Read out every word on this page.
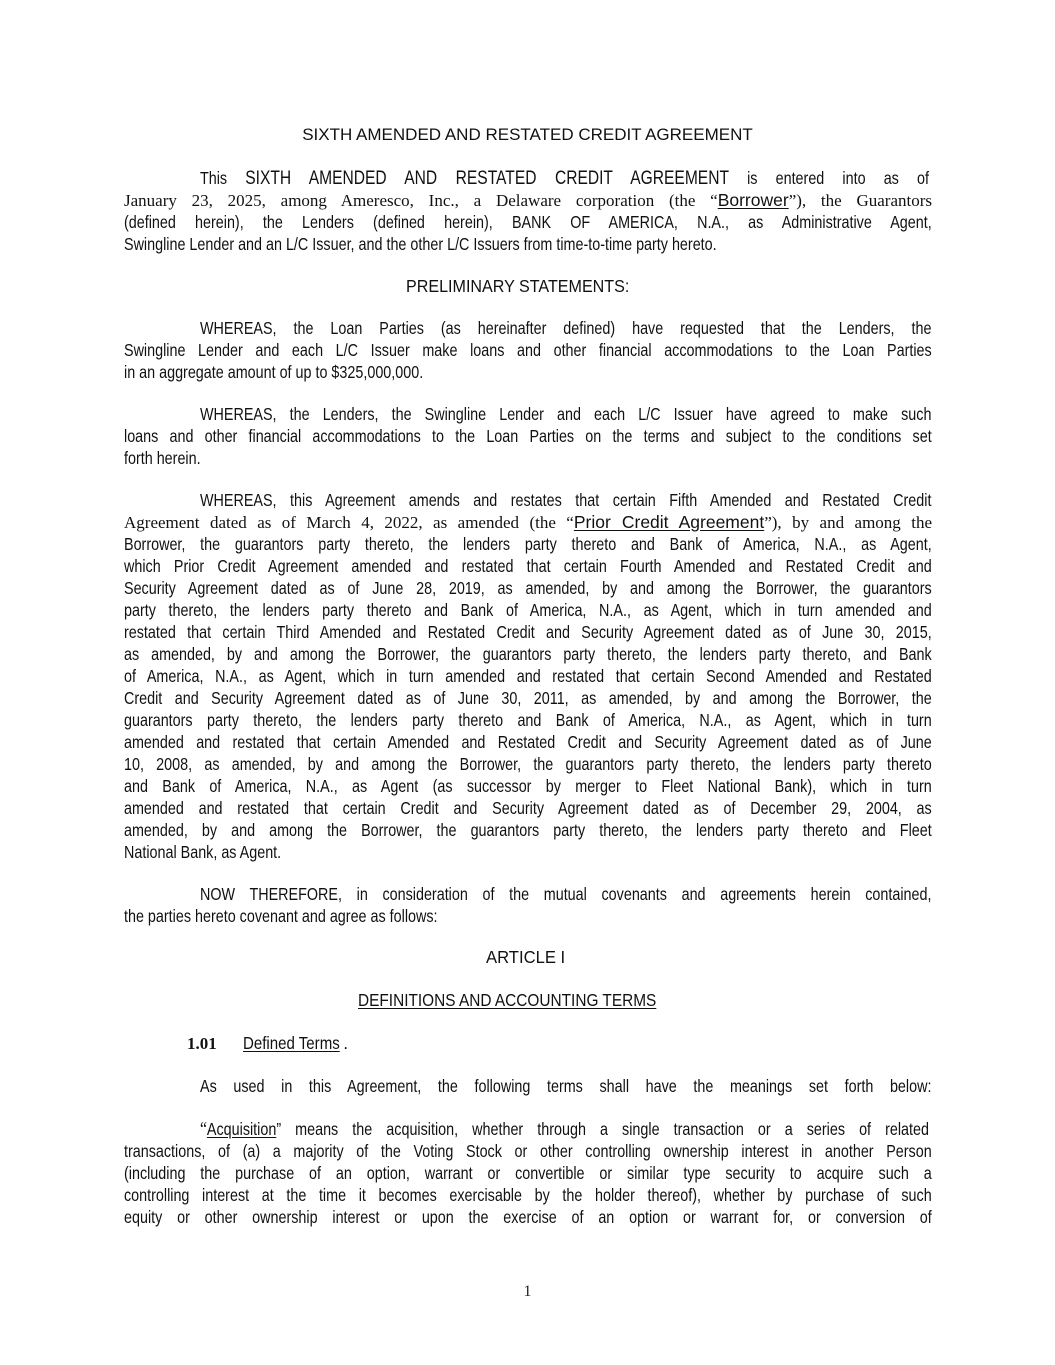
SIXTH AMENDED AND RESTATED CREDIT AGREEMENT
This SIXTH AMENDED AND RESTATED CREDIT AGREEMENT is entered into as of
January 23, 2025, among Ameresco, Inc., a Delaware corporation (the “Borrower”), the Guarantors
(defined herein), the Lenders (defined herein), BANK OF AMERICA, N.A., as Administrative Agent,
Swingline Lender and an L/C Issuer, and the other L/C Issuers from time-to-time party hereto.
PRELIMINARY STATEMENTS:
WHEREAS, the Loan Parties (as hereinafter defined) have requested that the Lenders, the
Swingline Lender and each L/C Issuer make loans and other financial accommodations to the Loan Parties
in an aggregate amount of up to $325,000,000.
WHEREAS, the Lenders, the Swingline Lender and each L/C Issuer have agreed to make such
loans and other financial accommodations to the Loan Parties on the terms and subject to the conditions set
forth herein.
WHEREAS, this Agreement amends and restates that certain Fifth Amended and Restated Credit
Agreement dated as of March 4, 2022, as amended (the “Prior Credit Agreement”), by and among the
Borrower, the guarantors party thereto, the lenders party thereto and Bank of America, N.A., as Agent,
which Prior Credit Agreement amended and restated that certain Fourth Amended and Restated Credit and
Security Agreement dated as of June 28, 2019, as amended, by and among the Borrower, the guarantors
party thereto, the lenders party thereto and Bank of America, N.A., as Agent, which in turn amended and
restated that certain Third Amended and Restated Credit and Security Agreement dated as of June 30, 2015,
as amended, by and among the Borrower, the guarantors party thereto, the lenders party thereto, and Bank
of America, N.A., as Agent, which in turn amended and restated that certain Second Amended and Restated
Credit and Security Agreement dated as of June 30, 2011, as amended, by and among the Borrower, the
guarantors party thereto, the lenders party thereto and Bank of America, N.A., as Agent, which in turn
amended and restated that certain Amended and Restated Credit and Security Agreement dated as of June
10, 2008, as amended, by and among the Borrower, the guarantors party thereto, the lenders party thereto
and Bank of America, N.A., as Agent (as successor by merger to Fleet National Bank), which in turn
amended and restated that certain Credit and Security Agreement dated as of December 29, 2004, as
amended, by and among the Borrower, the guarantors party thereto, the lenders party thereto and Fleet
National Bank, as Agent.
NOW THEREFORE, in consideration of the mutual covenants and agreements herein contained,
the parties hereto covenant and agree as follows:
ARTICLE I
DEFINITIONS AND ACCOUNTING TERMS
1.01 Defined Terms .
As used in this Agreement, the following terms shall have the meanings set forth below:
“Acquisition” means the acquisition, whether through a single transaction or a series of related
transactions, of (a) a majority of the Voting Stock or other controlling ownership interest in another Person
(including the purchase of an option, warrant or convertible or similar type security to acquire such a
controlling interest at the time it becomes exercisable by the holder thereof), whether by purchase of such
equity or other ownership interest or upon the exercise of an option or warrant for, or conversion of
1
